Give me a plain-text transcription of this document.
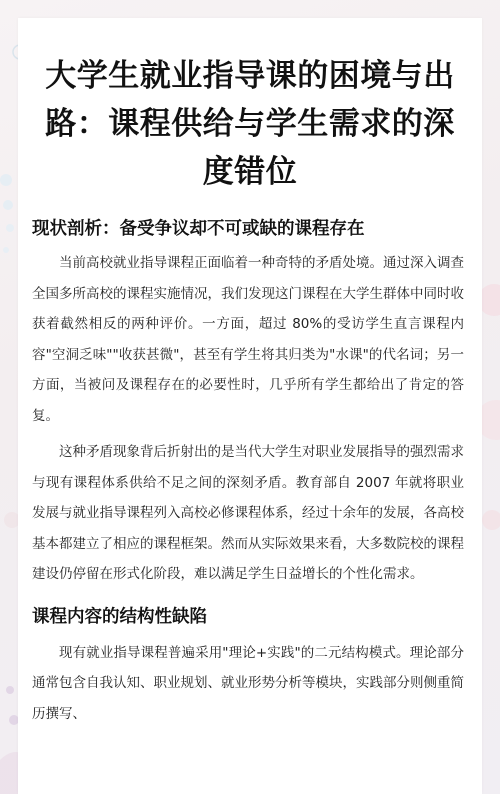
大学生就业指导课的困境与出路：课程供给与学生需求的深度错位
现状剖析：备受争议却不可或缺的课程存在

当前高校就业指导课程正面临着一种奇特的矛盾处境。通过深入调查全国多所高校的课程实施情况，我们发现这门课程在大学生群体中同时收获着截然相反的两种评价。一方面，超过 80%的受访学生直言课程内容"空洞乏味""收获甚微"，甚至有学生将其归类为"水课"的代名词；另一方面，当被问及课程存在的必要性时，几乎所有学生都给出了肯定的答复。

这种矛盾现象背后折射出的是当代大学生对职业发展指导的强烈需求与现有课程体系供给不足之间的深刻矛盾。教育部自 2007 年就将职业发展与就业指导课程列入高校必修课程体系，经过十余年的发展，各高校基本都建立了相应的课程框架。然而从实际效果来看，大多数院校的课程建设仍停留在形式化阶段，难以满足学生日益增长的个性化需求。

课程内容的结构性缺陷

现有就业指导课程普遍采用"理论+实践"的二元结构模式。理论部分通常包含自我认知、职业规划、就业形势分析等模块，实践部分则侧重简历撰写、
